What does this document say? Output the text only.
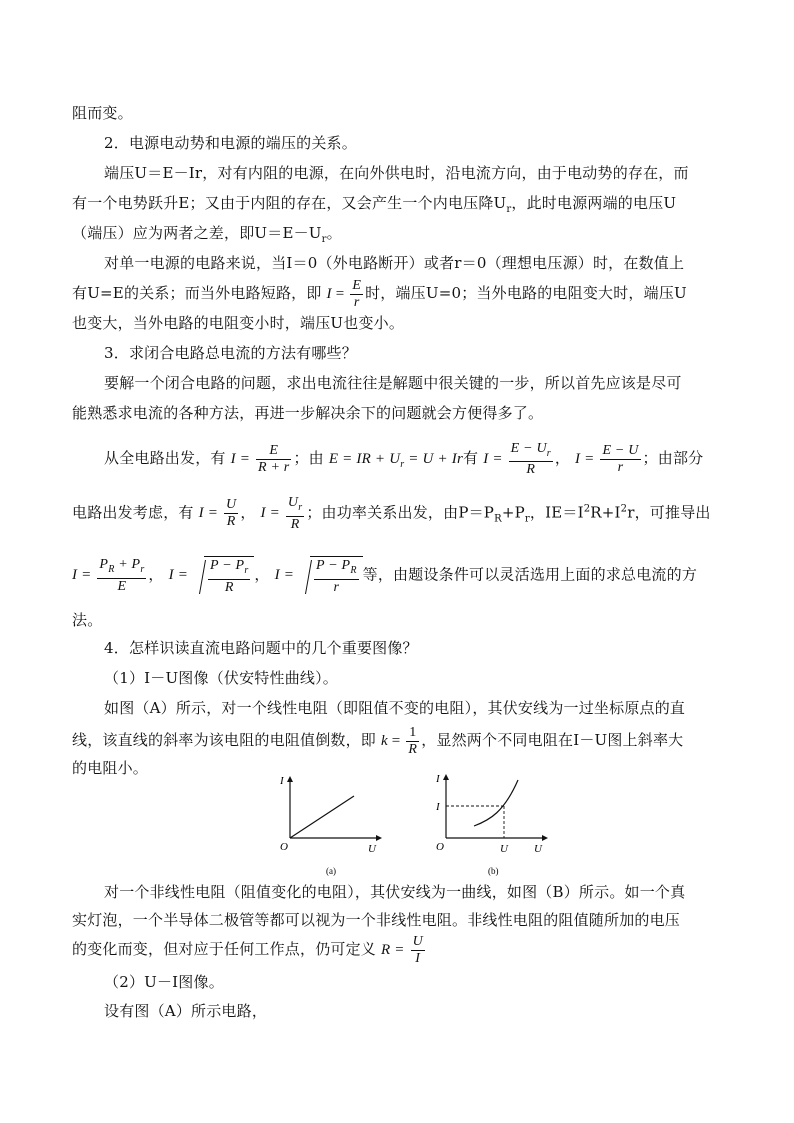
阻而变。
2．电源电动势和电源的端压的关系。
端压U＝E－Ir，对有内阻的电源，在向外供电时，沿电流方向，由于电动势的存在，而
有一个电势跃升E；又由于内阻的存在，又会产生一个内电压降$U_r$，此时电源两端的电压U
（端压）应为两者之差，即$U=E-U_r$。
对单一电源的电路来说，当I＝0（外电路断开）或者r＝0（理想电压源）时，在数值上
有U=E的关系；而当外电路短路，即 $I = \frac{E}{r}$ 时，端压U=0；当外电路的电阻变大时，端压U
也变大，当外电路的电阻变小时，端压U也变小。
3．求闭合电路总电流的方法有哪些？
要解一个闭合电路的问题，求出电流往往是解题中很关键的一步，所以首先应该是尽可
能熟悉求电流的各种方法，再进一步解决余下的问题就会方便得多了。
从全电路出发，有 $I = \frac{E}{R + r}$ ；由 E = IR + $U_r = U + Ir$有 $I = \frac{E - U_r}{R}$ ， $I = \frac{E - U}{r}$ ；由部分
电路出发考虑，有 $I = \frac{U}{R}$ ， $I = \frac{U_r}{R}$ ；由功率关系出发，由$P=P_R+P_r$，$IE=I^2R+I^2r$，可推导出
$I = \frac{P_R + P_r}{E}$ ， $I = \frac{P - P_r}{R}$ ， $I = \frac{P - P_R}{r}$ 等，由题设条件可以灵活选用上面的求总电流的方
法。
4．怎样识读直流电路问题中的几个重要图像？
（1）I－U图像（伏安特性曲线）。
如图（A）所示，对一个线性电阻（即阻值不变的电阻），其伏安线为一过坐标原点的直
线，该直线的斜率为该电阻的电阻值倒数，即 $k = \frac{1}{R}$ ，显然两个不同电阻在I－U图上斜率大
的电阻小。
I
U
O
(a)
I
I
U U
O
(b)
对一个非线性电阻（阻值变化的电阻），其伏安线为一曲线，如图（B）所示。如一个真
实灯泡，一个半导体二极管等都可以视为一个非线性电阻。非线性电阻的阻值随所加的电压
的变化而变，但对应于任何工作点，仍可定义 $R = \frac{U}{I}$
（2）U－I图像。
设有图（A）所示电路，
